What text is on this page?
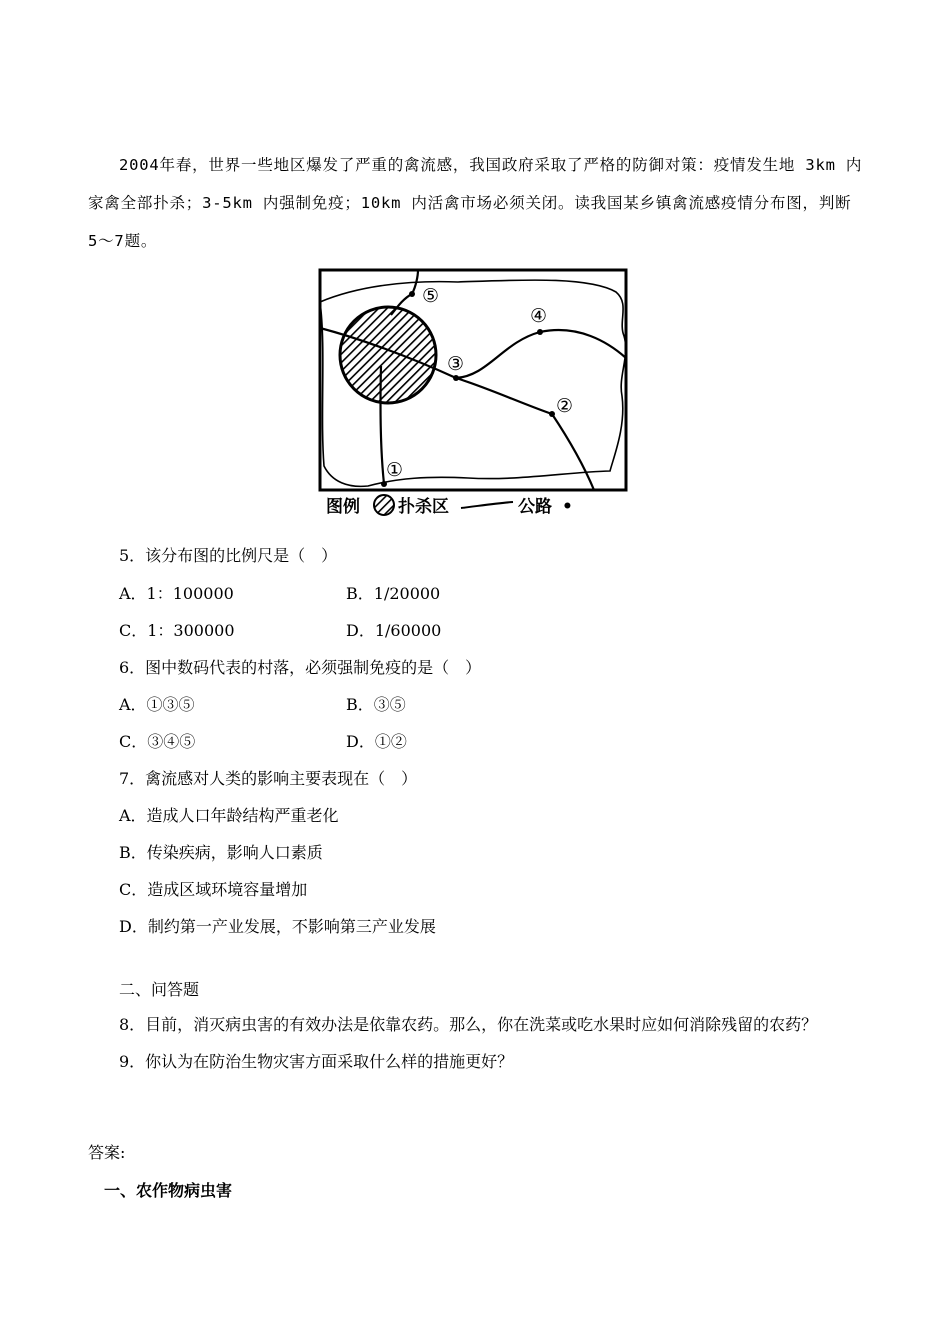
2004年春，世界一些地区爆发了严重的禽流感，我国政府采取了严格的防御对策：疫情发生地 3km 内家禽全部扑杀；3-5km 内强制免疫；10km 内活禽市场必须关闭。读我国某乡镇禽流感疫情分布图，判断 5～7题。
⑤
④
③
②
①
图例 扑杀区	公路 •
5．该分布图的比例尺是（　）
A．1：100000	B．1/20000
C．1：300000	D．1/60000
6．图中数码代表的村落，必须强制免疫的是（　）
A．①③⑤	B．③⑤
C．③④⑤	D．①②
7．禽流感对人类的影响主要表现在（　）
A．造成人口年龄结构严重老化
B．传染疾病，影响人口素质
C．造成区域环境容量增加
D．制约第一产业发展，不影响第三产业发展
二、问答题
8．目前，消灭病虫害的有效办法是依靠农药。那么，你在洗菜或吃水果时应如何消除残留的农药？
9．你认为在防治生物灾害方面采取什么样的措施更好？
答案:
一、农作物病虫害
